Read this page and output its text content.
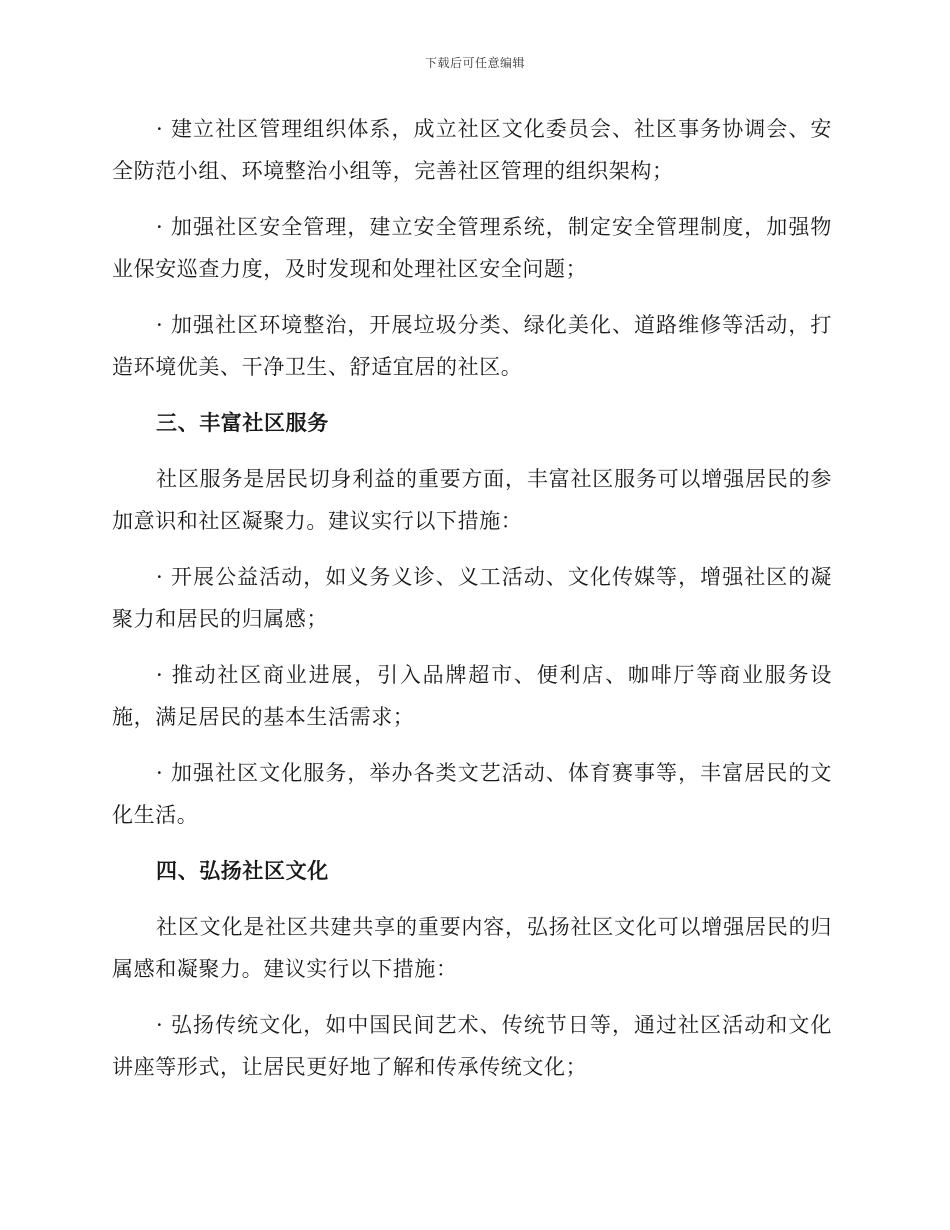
下载后可任意编辑

· 建立社区管理组织体系，成立社区文化委员会、社区事务协调会、安全防范小组、环境整治小组等，完善社区管理的组织架构；

· 加强社区安全管理，建立安全管理系统，制定安全管理制度，加强物业保安巡查力度，及时发现和处理社区安全问题；

· 加强社区环境整治，开展垃圾分类、绿化美化、道路维修等活动，打造环境优美、干净卫生、舒适宜居的社区。

三、丰富社区服务

社区服务是居民切身利益的重要方面，丰富社区服务可以增强居民的参加意识和社区凝聚力。建议实行以下措施：

· 开展公益活动，如义务义诊、义工活动、文化传媒等，增强社区的凝聚力和居民的归属感；

· 推动社区商业进展，引入品牌超市、便利店、咖啡厅等商业服务设施，满足居民的基本生活需求；

· 加强社区文化服务，举办各类文艺活动、体育赛事等，丰富居民的文化生活。

四、弘扬社区文化

社区文化是社区共建共享的重要内容，弘扬社区文化可以增强居民的归属感和凝聚力。建议实行以下措施：

· 弘扬传统文化，如中国民间艺术、传统节日等，通过社区活动和文化讲座等形式，让居民更好地了解和传承传统文化；
